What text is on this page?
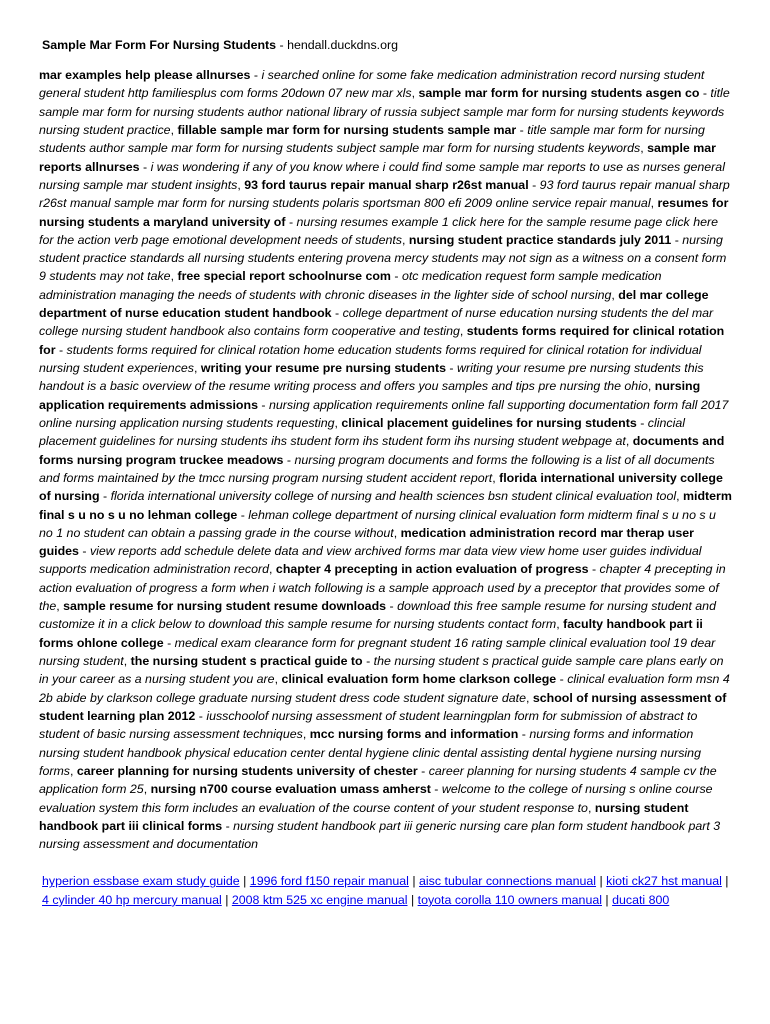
Sample Mar Form For Nursing Students - hendall.duckdns.org
mar examples help please allnurses - i searched online for some fake medication administration record nursing student general student http familiesplus com forms 20down 07 new mar xls, sample mar form for nursing students asgen co - title sample mar form for nursing students author national library of russia subject sample mar form for nursing students keywords nursing student practice, fillable sample mar form for nursing students sample mar - title sample mar form for nursing students author sample mar form for nursing students subject sample mar form for nursing students keywords, sample mar reports allnurses - i was wondering if any of you know where i could find some sample mar reports to use as nurses general nursing sample mar student insights, 93 ford taurus repair manual sharp r26st manual - 93 ford taurus repair manual sharp r26st manual sample mar form for nursing students polaris sportsman 800 efi 2009 online service repair manual, resumes for nursing students a maryland university of - nursing resumes example 1 click here for the sample resume page click here for the action verb page emotional development needs of students, nursing student practice standards july 2011 - nursing student practice standards all nursing students entering provena mercy students may not sign as a witness on a consent form 9 students may not take, free special report schoolnurse com - otc medication request form sample medication administration managing the needs of students with chronic diseases in the lighter side of school nursing, del mar college department of nurse education student handbook - college department of nurse education nursing students the del mar college nursing student handbook also contains form cooperative and testing, students forms required for clinical rotation for - students forms required for clinical rotation home education students forms required for clinical rotation for individual nursing student experiences, writing your resume pre nursing students - writing your resume pre nursing students this handout is a basic overview of the resume writing process and offers you samples and tips pre nursing the ohio, nursing application requirements admissions - nursing application requirements online fall supporting documentation form fall 2017 online nursing application nursing students requesting, clinical placement guidelines for nursing students - clincial placement guidelines for nursing students ihs student form ihs student form ihs nursing student webpage at, documents and forms nursing program truckee meadows - nursing program documents and forms the following is a list of all documents and forms maintained by the tmcc nursing program nursing student accident report, florida international university college of nursing - florida international university college of nursing and health sciences bsn student clinical evaluation tool, midterm final s u no s u no lehman college - lehman college department of nursing clinical evaluation form midterm final s u no s u no 1 no student can obtain a passing grade in the course without, medication administration record mar therap user guides - view reports add schedule delete data and view archived forms mar data view view home user guides individual supports medication administration record, chapter 4 precepting in action evaluation of progress - chapter 4 precepting in action evaluation of progress a form when i watch following is a sample approach used by a preceptor that provides some of the, sample resume for nursing student resume downloads - download this free sample resume for nursing student and customize it in a click below to download this sample resume for nursing students contact form, faculty handbook part ii forms ohlone college - medical exam clearance form for pregnant student 16 rating sample clinical evaluation tool 19 dear nursing student, the nursing student s practical guide to - the nursing student s practical guide sample care plans early on in your career as a nursing student you are, clinical evaluation form home clarkson college - clinical evaluation form msn 4 2b abide by clarkson college graduate nursing student dress code student signature date, school of nursing assessment of student learning plan 2012 - iusschoolof nursing assessment of student learningplan form for submission of abstract to student of basic nursing assessment techniques, mcc nursing forms and information - nursing forms and information nursing student handbook physical education center dental hygiene clinic dental assisting dental hygiene nursing nursing forms, career planning for nursing students university of chester - career planning for nursing students 4 sample cv the application form 25, nursing n700 course evaluation umass amherst - welcome to the college of nursing s online course evaluation system this form includes an evaluation of the course content of your student response to, nursing student handbook part iii clinical forms - nursing student handbook part iii generic nursing care plan form student handbook part 3 nursing assessment and documentation
hyperion essbase exam study guide | 1996 ford f150 repair manual | aisc tubular connections manual | kioti ck27 hst manual | 4 cylinder 40 hp mercury manual | 2008 ktm 525 xc engine manual | toyota corolla 110 owners manual | ducati 800
